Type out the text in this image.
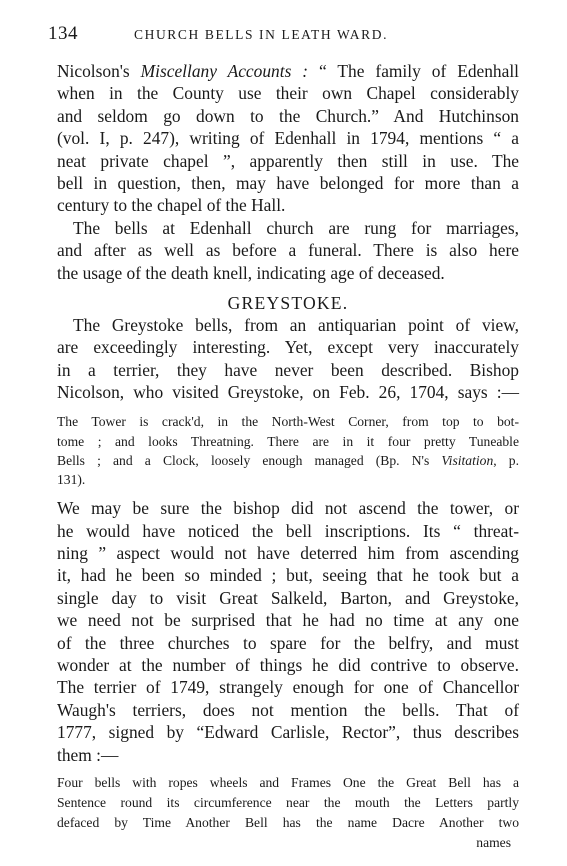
134	CHURCH BELLS IN LEATH WARD.
Nicolson's Miscellany Accounts : “ The family of Edenhall
when in the County use their own Chapel considerably
and seldom go down to the Church.” And Hutchinson
(vol. I, p. 247), writing of Edenhall in 1794, mentions “ a
neat private chapel ”, apparently then still in use. The
bell in question, then, may have belonged for more than a
century to the chapel of the Hall.
The bells at Edenhall church are rung for marriages,
and after as well as before a funeral. There is also here
the usage of the death knell, indicating age of deceased.
GREYSTOKE.
The Greystoke bells, from an antiquarian point of view,
are exceedingly interesting. Yet, except very inaccurately
in a terrier, they have never been described. Bishop
Nicolson, who visited Greystoke, on Feb. 26, 1704, says :—
The Tower is crack'd, in the North-West Corner, from top to bot-
tome ; and looks Threatning. There are in it four pretty Tuneable
Bells ; and a Clock, loosely enough managed (Bp. N's Visitation, p.
131).
We may be sure the bishop did not ascend the tower, or
he would have noticed the bell inscriptions. Its “ threat-
ning ” aspect would not have deterred him from ascending
it, had he been so minded ; but, seeing that he took but a
single day to visit Great Salkeld, Barton, and Greystoke,
we need not be surprised that he had no time at any one
of the three churches to spare for the belfry, and must
wonder at the number of things he did contrive to observe.
The terrier of 1749, strangely enough for one of Chancellor
Waugh's terriers, does not mention the bells. That of
1777, signed by “Edward Carlisle, Rector”, thus describes
them :—
Four bells with ropes wheels and Frames One the Great Bell has a
Sentence round its circumference near the mouth the Letters partly
defaced by Time Another Bell has the name Dacre Another two
names
